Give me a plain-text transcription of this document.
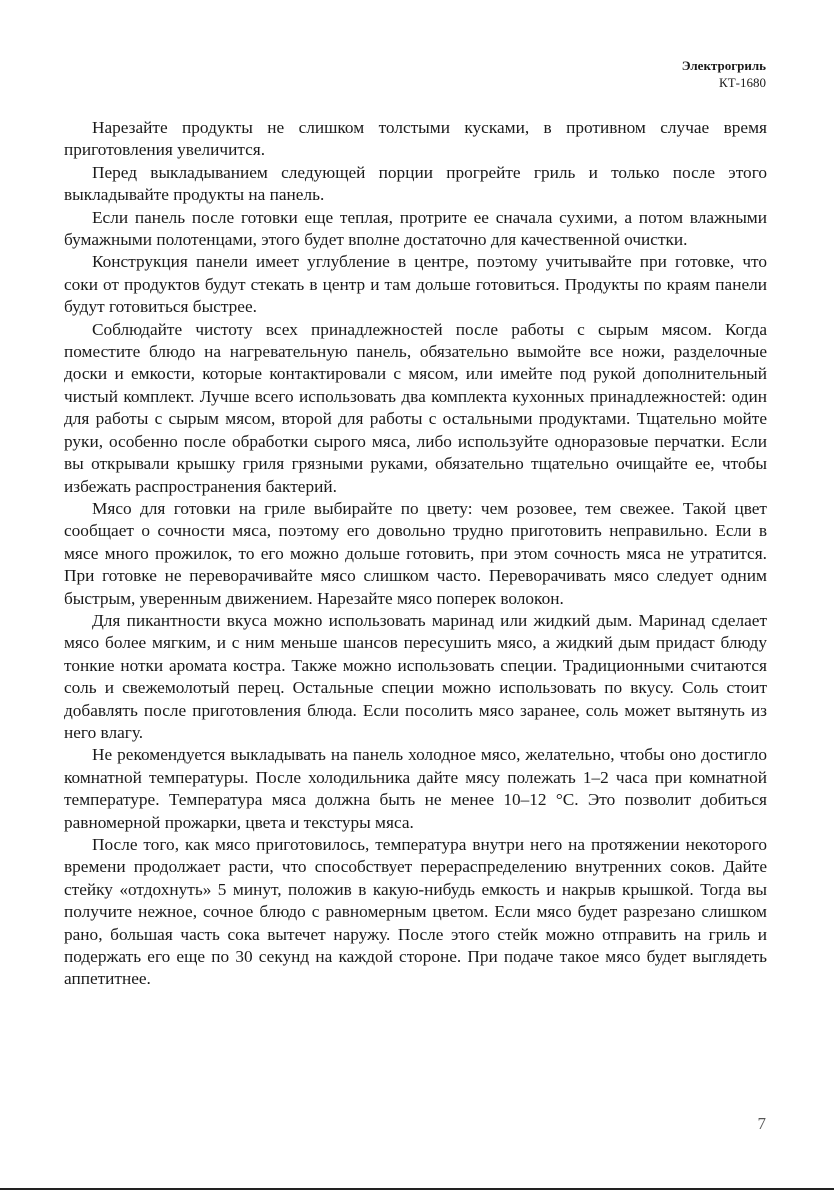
Электрогриль
КТ-1680

Нарезайте продукты не слишком толстыми кусками, в противном случае время приготовления увеличится.

Перед выкладыванием следующей порции прогрейте гриль и только после этого выкладывайте продукты на панель.

Если панель после готовки еще теплая, протрите ее сначала сухими, а потом влажными бумажными полотенцами, этого будет вполне достаточно для качественной очистки.

Конструкция панели имеет углубление в центре, поэтому учитывайте при готовке, что соки от продуктов будут стекать в центр и там дольше готовиться. Продукты по краям панели будут готовиться быстрее.

Соблюдайте чистоту всех принадлежностей после работы с сырым мясом. Когда поместите блюдо на нагревательную панель, обязательно вымойте все ножи, разделочные доски и емкости, которые контактировали с мясом, или имейте под рукой дополнительный чистый комплект. Лучше всего использовать два комплекта кухонных принадлежностей: один для работы с сырым мясом, второй для работы с остальными продуктами. Тщательно мойте руки, особенно после обработки сырого мяса, либо используйте одноразовые перчатки. Если вы открывали крышку гриля грязными руками, обязательно тщательно очищайте ее, чтобы избежать распространения бактерий.

Мясо для готовки на гриле выбирайте по цвету: чем розовее, тем свежее. Такой цвет сообщает о сочности мяса, поэтому его довольно трудно приготовить неправильно. Если в мясе много прожилок, то его можно дольше готовить, при этом сочность мяса не утратится. При готовке не переворачивайте мясо слишком часто. Переворачивать мясо следует одним быстрым, уверенным движением. Нарезайте мясо поперек волокон.

Для пикантности вкуса можно использовать маринад или жидкий дым. Маринад сделает мясо более мягким, и с ним меньше шансов пересушить мясо, а жидкий дым придаст блюду тонкие нотки аромата костра. Также можно использовать специи. Традиционными считаются соль и свежемолотый перец. Остальные специи можно использовать по вкусу. Соль стоит добавлять после приготовления блюда. Если посолить мясо заранее, соль может вытянуть из него влагу.

Не рекомендуется выкладывать на панель холодное мясо, желательно, чтобы оно достигло комнатной температуры. После холодильника дайте мясу полежать 1–2 часа при комнатной температуре. Температура мяса должна быть не менее 10–12 °С. Это позволит добиться равномерной прожарки, цвета и текстуры мяса.

После того, как мясо приготовилось, температура внутри него на протяжении некоторого времени продолжает расти, что способствует перераспределению внутренних соков. Дайте стейку «отдохнуть» 5 минут, положив в какую-нибудь емкость и накрыв крышкой. Тогда вы получите нежное, сочное блюдо с равномерным цветом. Если мясо будет разрезано слишком рано, большая часть сока вытечет наружу. После этого стейк можно отправить на гриль и подержать его еще по 30 секунд на каждой стороне. При подаче такое мясо будет выглядеть аппетитнее.

7
